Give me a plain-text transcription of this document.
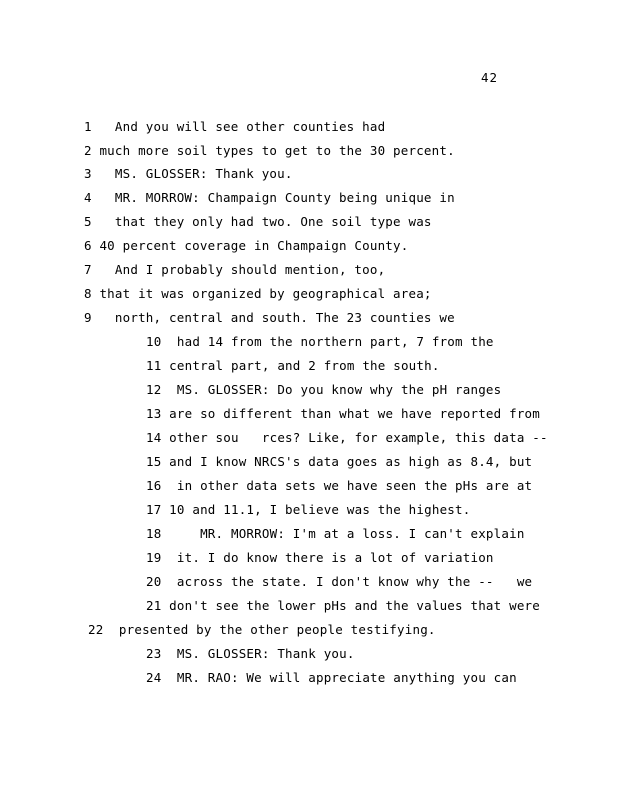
42
1   And you will see other counties had
2 much more soil types to get to the 30 percent.
3   MS. GLOSSER: Thank you.
4   MR. MORROW: Champaign County being unique in
5   that they only had two. One soil type was
6 40 percent coverage in Champaign County.
7   And I probably should mention, too,
8 that it was organized by geographical area;
9   north, central and south. The 23 counties we
10  had 14 from the northern part, 7 from the
11 central part, and 2 from the south.
12  MS. GLOSSER: Do you know why the pH ranges
13 are so different than what we have reported from
14 other sou   rces? Like, for example, this data --
15 and I know NRCS's data goes as high as 8.4, but
16  in other data sets we have seen the pHs are at
17 10 and 11.1, I believe was the highest.
18     MR. MORROW: I'm at a loss. I can't explain
19  it. I do know there is a lot of variation
20  across the state. I don't know why the --   we
21 don't see the lower pHs and the values that were
22  presented by the other people testifying.
23  MS. GLOSSER: Thank you.
24  MR. RAO: We will appreciate anything you can
